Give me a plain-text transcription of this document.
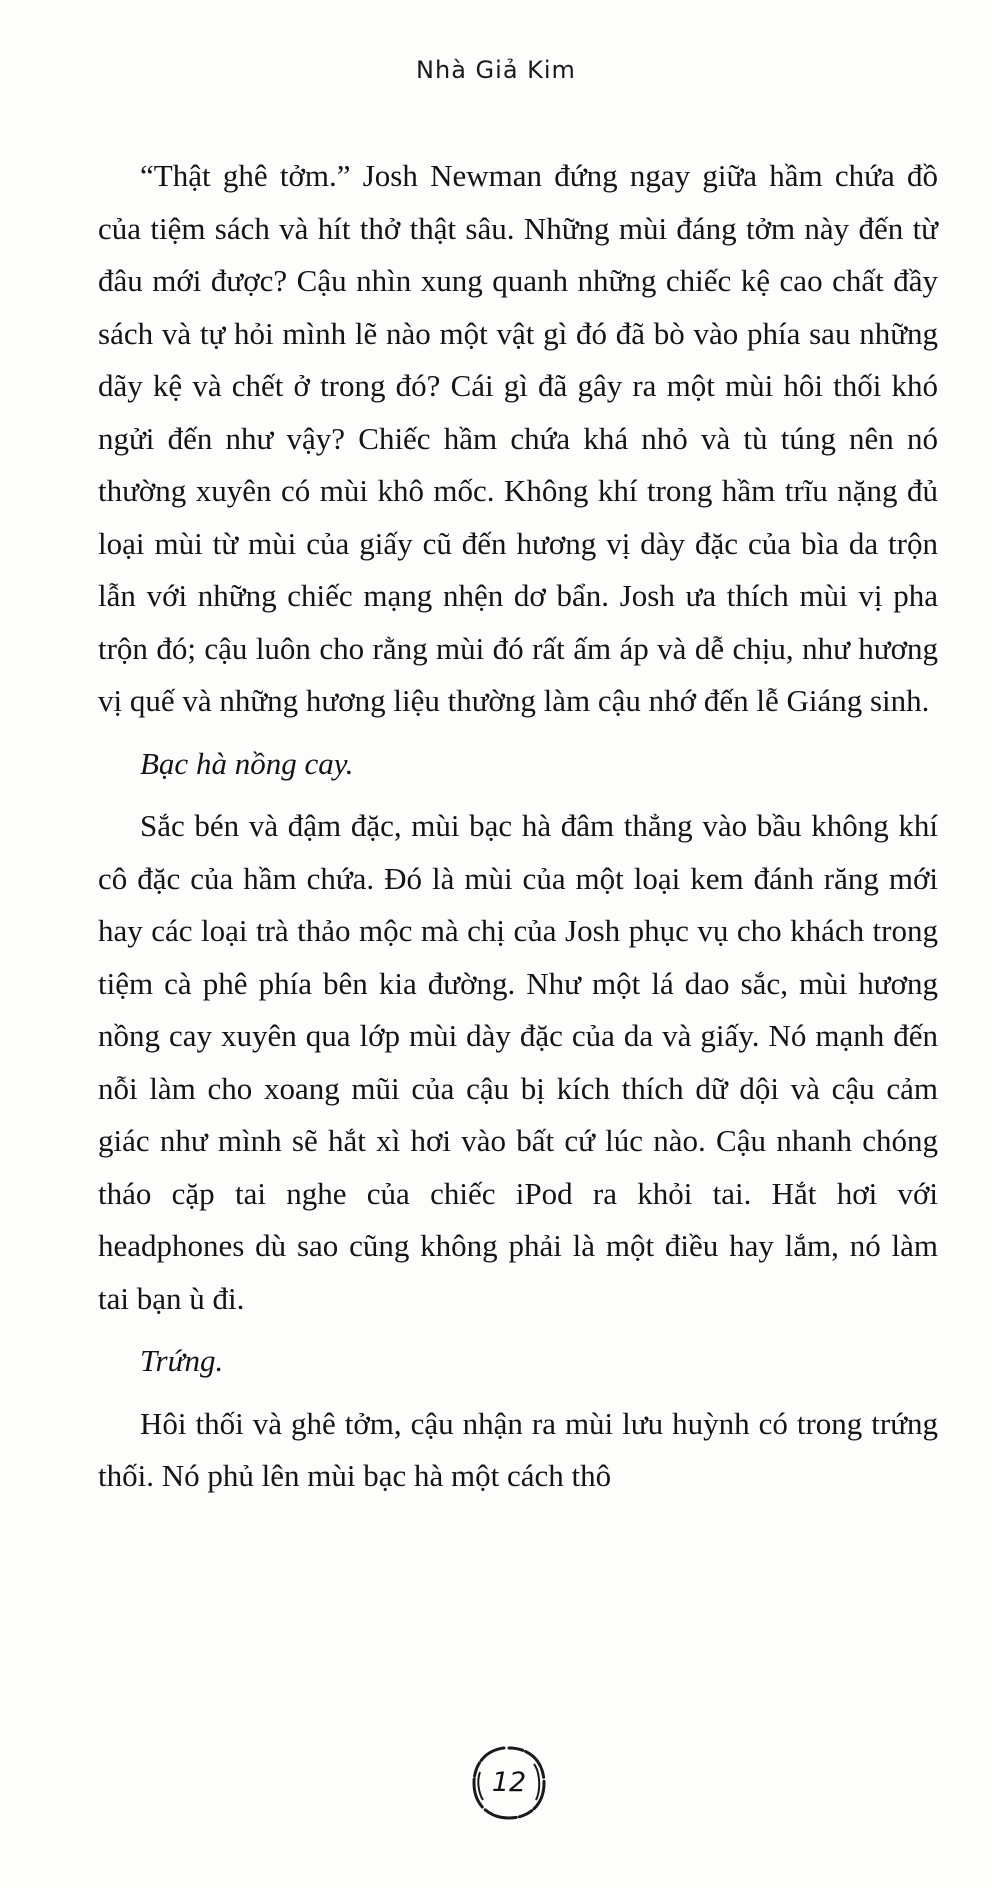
Nhà Giả Kim

“Thật ghê tởm.” Josh Newman đứng ngay giữa hầm chứa đồ của tiệm sách và hít thở thật sâu. Những mùi đáng tởm này đến từ đâu mới được? Cậu nhìn xung quanh những chiếc kệ cao chất đầy sách và tự hỏi mình lẽ nào một vật gì đó đã bò vào phía sau những dãy kệ và chết ở trong đó? Cái gì đã gây ra một mùi hôi thối khó ngửi đến như vậy? Chiếc hầm chứa khá nhỏ và tù túng nên nó thường xuyên có mùi khô mốc. Không khí trong hầm trĩu nặng đủ loại mùi từ mùi của giấy cũ đến hương vị dày đặc của bìa da trộn lẫn với những chiếc mạng nhện dơ bẩn. Josh ưa thích mùi vị pha trộn đó; cậu luôn cho rằng mùi đó rất ấm áp và dễ chịu, như hương vị quế và những hương liệu thường làm cậu nhớ đến lễ Giáng sinh.

Bạc hà nồng cay.

Sắc bén và đậm đặc, mùi bạc hà đâm thẳng vào bầu không khí cô đặc của hầm chứa. Đó là mùi của một loại kem đánh răng mới hay các loại trà thảo mộc mà chị của Josh phục vụ cho khách trong tiệm cà phê phía bên kia đường. Như một lá dao sắc, mùi hương nồng cay xuyên qua lớp mùi dày đặc của da và giấy. Nó mạnh đến nỗi làm cho xoang mũi của cậu bị kích thích dữ dội và cậu cảm giác như mình sẽ hắt xì hơi vào bất cứ lúc nào. Cậu nhanh chóng tháo cặp tai nghe của chiếc iPod ra khỏi tai. Hắt hơi với headphones dù sao cũng không phải là một điều hay lắm, nó làm tai bạn ù đi.

Trứng.

Hôi thối và ghê tởm, cậu nhận ra mùi lưu huỳnh có trong trứng thối. Nó phủ lên mùi bạc hà một cách thô

12
